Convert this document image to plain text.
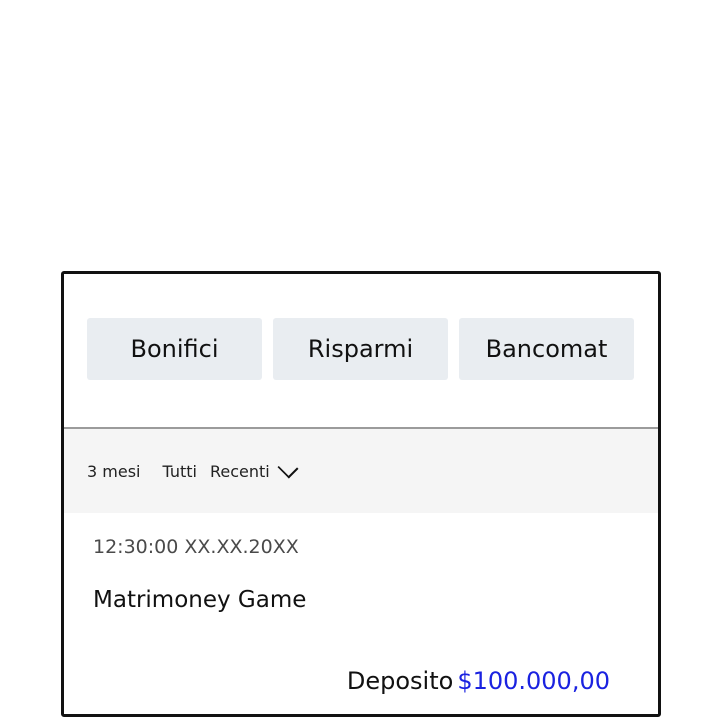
Bonifici	Risparmi	Bancomat
3 mesi Tutti Recenti
12:30:00 XX.XX.20XX
Matrimoney Game
Deposito $100.000,00
